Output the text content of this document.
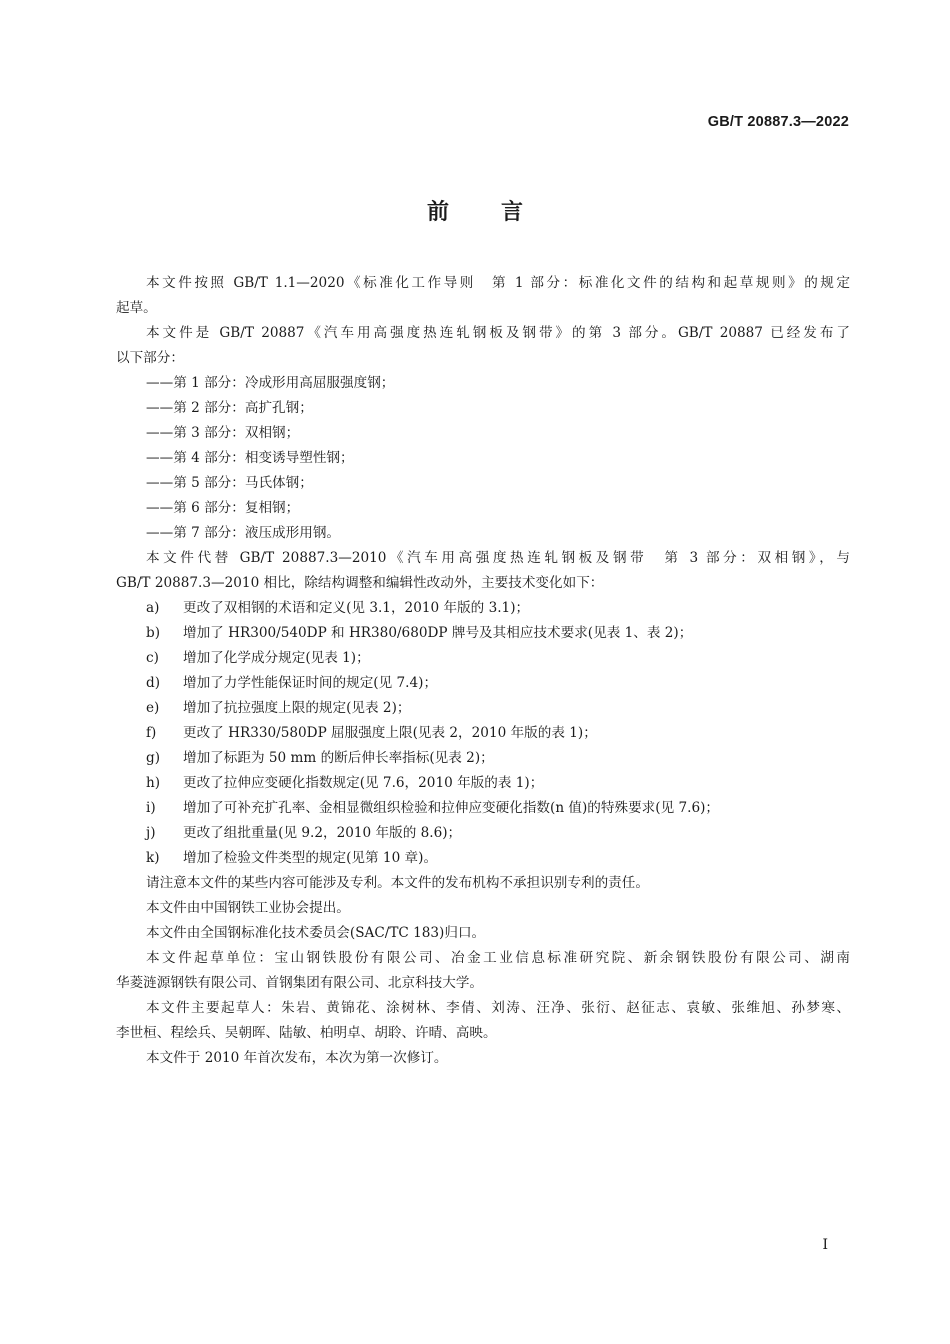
GB/T 20887.3—2022
前 言
本文件按照 GB/T 1.1—2020《标准化工作导则　第 1 部分：标准化文件的结构和起草规则》的规定
起草。
本文件是 GB/T 20887《汽车用高强度热连轧钢板及钢带》的第 3 部分。GB/T 20887 已经发布了
以下部分：
——第 1 部分：冷成形用高屈服强度钢；
——第 2 部分：高扩孔钢；
——第 3 部分：双相钢；
——第 4 部分：相变诱导塑性钢；
——第 5 部分：马氏体钢；
——第 6 部分：复相钢；
——第 7 部分：液压成形用钢。
本文件代替 GB/T 20887.3—2010《汽车用高强度热连轧钢板及钢带　第 3 部分：双相钢》，与
GB/T 20887.3—2010 相比，除结构调整和编辑性改动外，主要技术变化如下：
a)	更改了双相钢的术语和定义(见 3.1，2010 年版的 3.1)；
b)	增加了 HR300/540DP 和 HR380/680DP 牌号及其相应技术要求(见表 1、表 2)；
c)	增加了化学成分规定(见表 1)；
d)	增加了力学性能保证时间的规定(见 7.4)；
e)	增加了抗拉强度上限的规定(见表 2)；
f)	更改了 HR330/580DP 屈服强度上限(见表 2，2010 年版的表 1)；
g)	增加了标距为 50 mm 的断后伸长率指标(见表 2)；
h)	更改了拉伸应变硬化指数规定(见 7.6，2010 年版的表 1)；
i)	增加了可补充扩孔率、金相显微组织检验和拉伸应变硬化指数(n 值)的特殊要求(见 7.6)；
j)	更改了组批重量(见 9.2，2010 年版的 8.6)；
k)	增加了检验文件类型的规定(见第 10 章)。
请注意本文件的某些内容可能涉及专利。本文件的发布机构不承担识别专利的责任。
本文件由中国钢铁工业协会提出。
本文件由全国钢标准化技术委员会(SAC/TC 183)归口。
本文件起草单位：宝山钢铁股份有限公司、冶金工业信息标准研究院、新余钢铁股份有限公司、湖南
华菱涟源钢铁有限公司、首钢集团有限公司、北京科技大学。
本文件主要起草人：朱岩、黄锦花、涂树林、李倩、刘涛、汪净、张衍、赵征志、袁敏、张维旭、孙梦寒、
李世桓、程绘兵、吴朝晖、陆敏、柏明卓、胡聆、许晴、高映。
本文件于 2010 年首次发布，本次为第一次修订。
I
